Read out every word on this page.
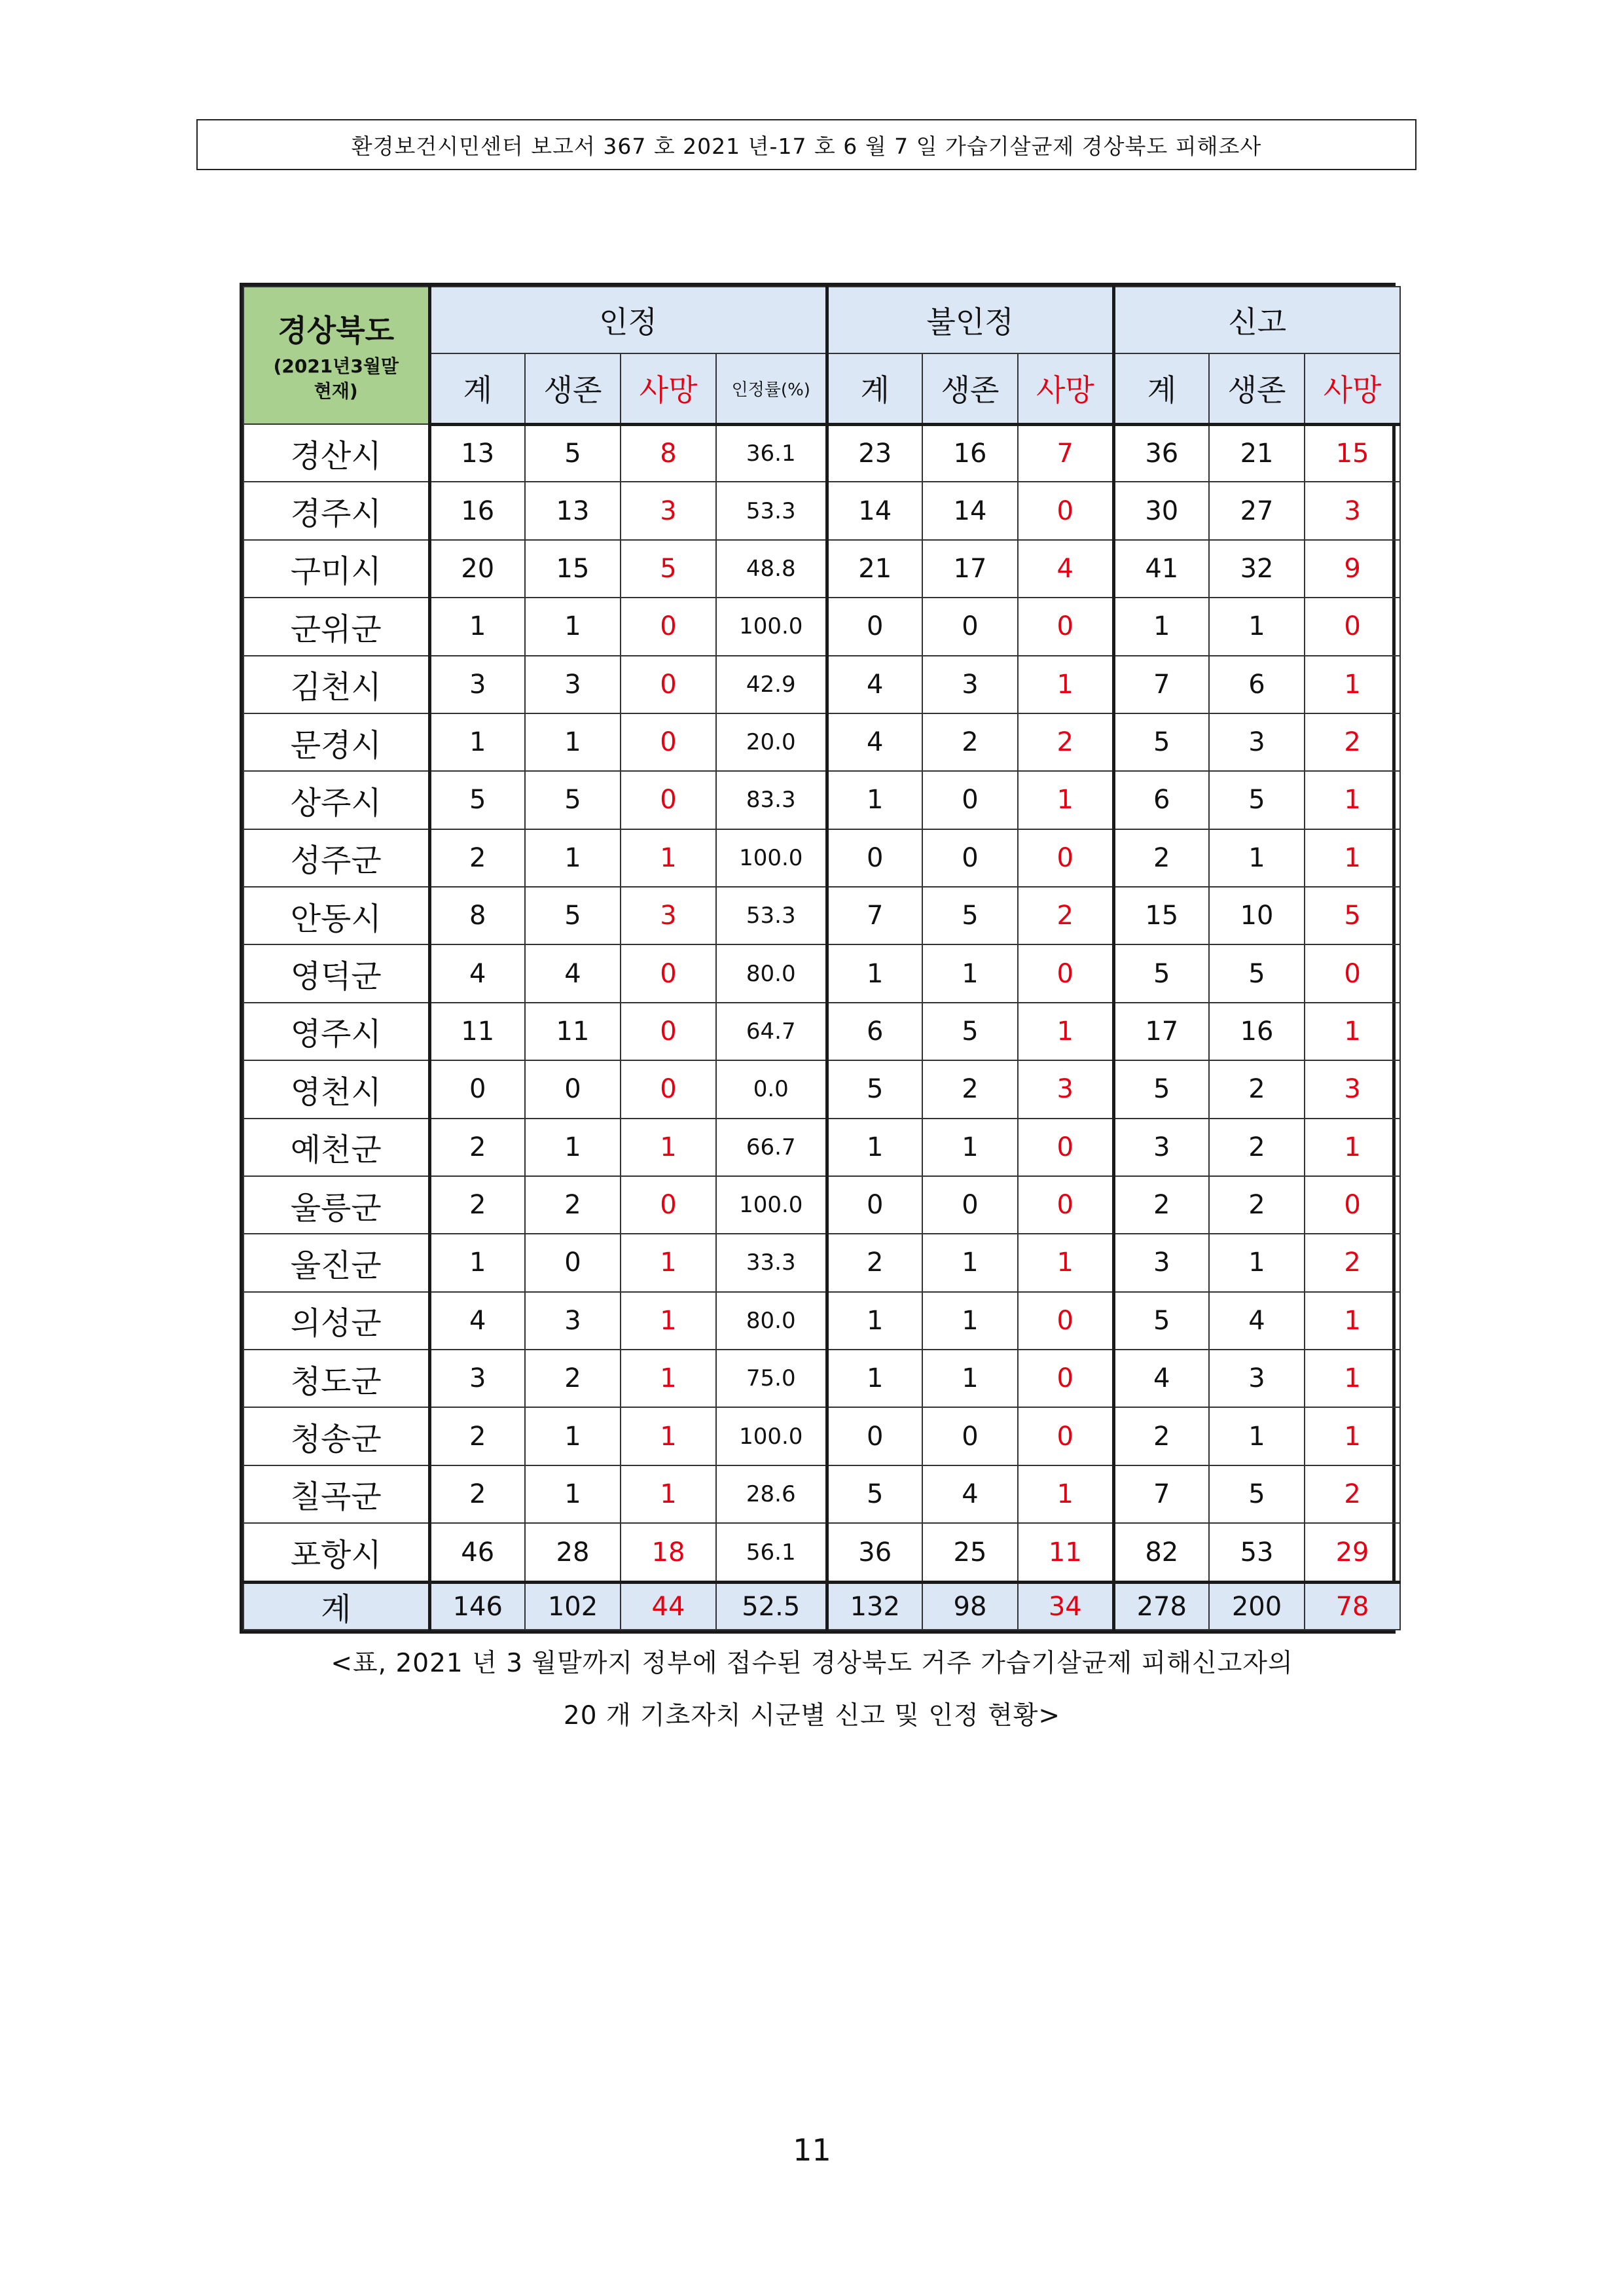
환경보건시민센터 보고서 367 호 2021 년-17 호 6 월 7 일 가습기살균제 경상북도 피해조사
경상북도
(2021년3월말
현재)	인정				불인정			신고		
	계	생존	사망	인정률(%)	계	생존	사망	계	생존	사망
경산시	13	5	8	36.1	23	16	7	36	21	15
경주시	16	13	3	53.3	14	14	0	30	27	3
구미시	20	15	5	48.8	21	17	4	41	32	9
군위군	1	1	0	100.0	0	0	0	1	1	0
김천시	3	3	0	42.9	4	3	1	7	6	1
문경시	1	1	0	20.0	4	2	2	5	3	2
상주시	5	5	0	83.3	1	0	1	6	5	1
성주군	2	1	1	100.0	0	0	0	2	1	1
안동시	8	5	3	53.3	7	5	2	15	10	5
영덕군	4	4	0	80.0	1	1	0	5	5	0
영주시	11	11	0	64.7	6	5	1	17	16	1
영천시	0	0	0	0.0	5	2	3	5	2	3
예천군	2	1	1	66.7	1	1	0	3	2	1
울릉군	2	2	0	100.0	0	0	0	2	2	0
울진군	1	0	1	33.3	2	1	1	3	1	2
의성군	4	3	1	80.0	1	1	0	5	4	1
청도군	3	2	1	75.0	1	1	0	4	3	1
청송군	2	1	1	100.0	0	0	0	2	1	1
칠곡군	2	1	1	28.6	5	4	1	7	5	2
포항시	46	28	18	56.1	36	25	11	82	53	29
계	146	102	44	52.5	132	98	34	278	200	78
<표, 2021 년 3 월말까지 정부에 접수된 경상북도 거주 가습기살균제 피해신고자의
20 개 기초자치 시군별 신고 및 인정 현황>
11
